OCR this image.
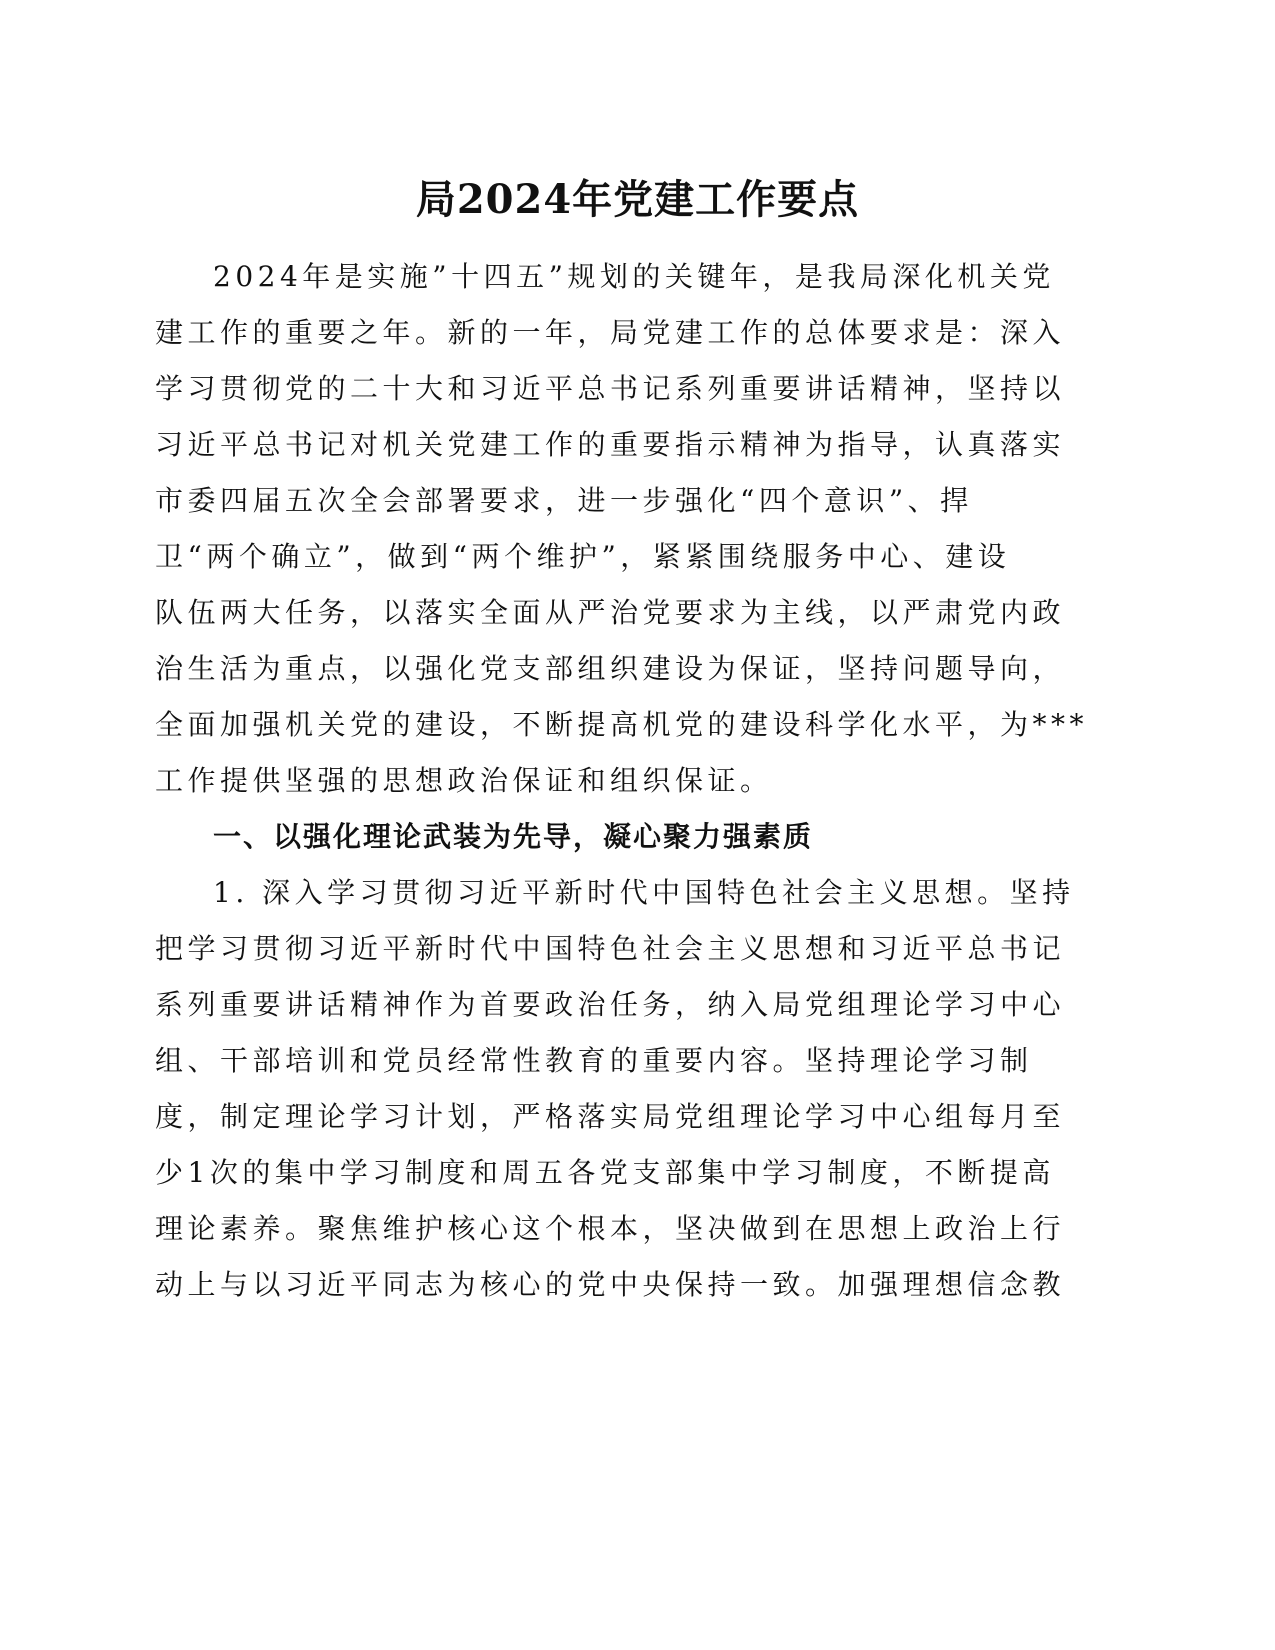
局2024年党建工作要点

2024年是实施”十四五”规划的关键年，是我局深化机关党

建工作的重要之年。新的一年，局党建工作的总体要求是：深入

学习贯彻党的二十大和习近平总书记系列重要讲话精神，坚持以

习近平总书记对机关党建工作的重要指示精神为指导，认真落实

市委四届五次全会部署要求，进一步强化“四个意识”、捍

卫“两个确立”，做到“两个维护”，紧紧围绕服务中心、建设

队伍两大任务，以落实全面从严治党要求为主线，以严肃党内政

治生活为重点，以强化党支部组织建设为保证，坚持问题导向，

全面加强机关党的建设，不断提高机党的建设科学化水平，为***

工作提供坚强的思想政治保证和组织保证。

一、以强化理论武装为先导，凝心聚力强素质

1. 深入学习贯彻习近平新时代中国特色社会主义思想。坚持

把学习贯彻习近平新时代中国特色社会主义思想和习近平总书记

系列重要讲话精神作为首要政治任务，纳入局党组理论学习中心

组、干部培训和党员经常性教育的重要内容。坚持理论学习制

度，制定理论学习计划，严格落实局党组理论学习中心组每月至

少1次的集中学习制度和周五各党支部集中学习制度，不断提高

理论素养。聚焦维护核心这个根本，坚决做到在思想上政治上行

动上与以习近平同志为核心的党中央保持一致。加强理想信念教
